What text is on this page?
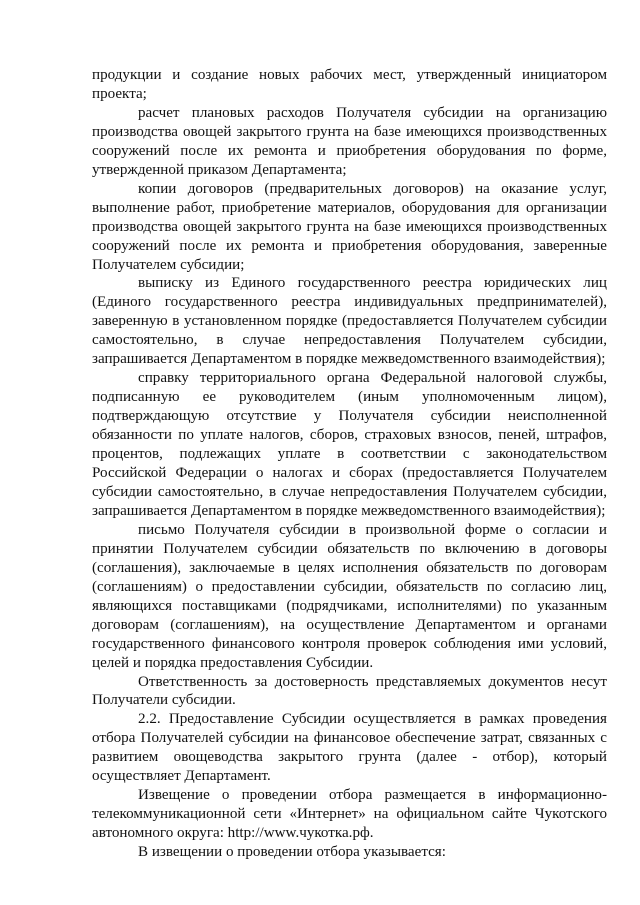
продукции и создание новых рабочих мест, утвержденный инициатором проекта;

расчет плановых расходов Получателя субсидии на организацию производства овощей закрытого грунта на базе имеющихся производственных сооружений после их ремонта и приобретения оборудования по форме, утвержденной приказом Департамента;

копии договоров (предварительных договоров) на оказание услуг, выполнение работ, приобретение материалов, оборудования для организации производства овощей закрытого грунта на базе имеющихся производственных сооружений после их ремонта и приобретения оборудования, заверенные Получателем субсидии;

выписку из Единого государственного реестра юридических лиц (Единого государственного реестра индивидуальных предпринимателей), заверенную в установленном порядке (предоставляется Получателем субсидии самостоятельно, в случае непредоставления Получателем субсидии, запрашивается Департаментом в порядке межведомственного взаимодействия);

справку территориального органа Федеральной налоговой службы, подписанную ее руководителем (иным уполномоченным лицом), подтверждающую отсутствие у Получателя субсидии неисполненной обязанности по уплате налогов, сборов, страховых взносов, пеней, штрафов, процентов, подлежащих уплате в соответствии с законодательством Российской Федерации о налогах и сборах (предоставляется Получателем субсидии самостоятельно, в случае непредоставления Получателем субсидии, запрашивается Департаментом в порядке межведомственного взаимодействия);

письмо Получателя субсидии в произвольной форме о согласии и принятии Получателем субсидии обязательств по включению в договоры (соглашения), заключаемые в целях исполнения обязательств по договорам (соглашениям) о предоставлении субсидии, обязательств по согласию лиц, являющихся поставщиками (подрядчиками, исполнителями) по указанным договорам (соглашениям), на осуществление Департаментом и органами государственного финансового контроля проверок соблюдения ими условий, целей и порядка предоставления Субсидии.

Ответственность за достоверность представляемых документов несут Получатели субсидии.

2.2. Предоставление Субсидии осуществляется в рамках проведения отбора Получателей субсидии на финансовое обеспечение затрат, связанных с развитием овощеводства закрытого грунта (далее - отбор), который осуществляет Департамент.

Извещение о проведении отбора размещается в информационно-телекоммуникационной сети «Интернет» на официальном сайте Чукотского автономного округа: http://www.чукотка.рф.

В извещении о проведении отбора указывается:
